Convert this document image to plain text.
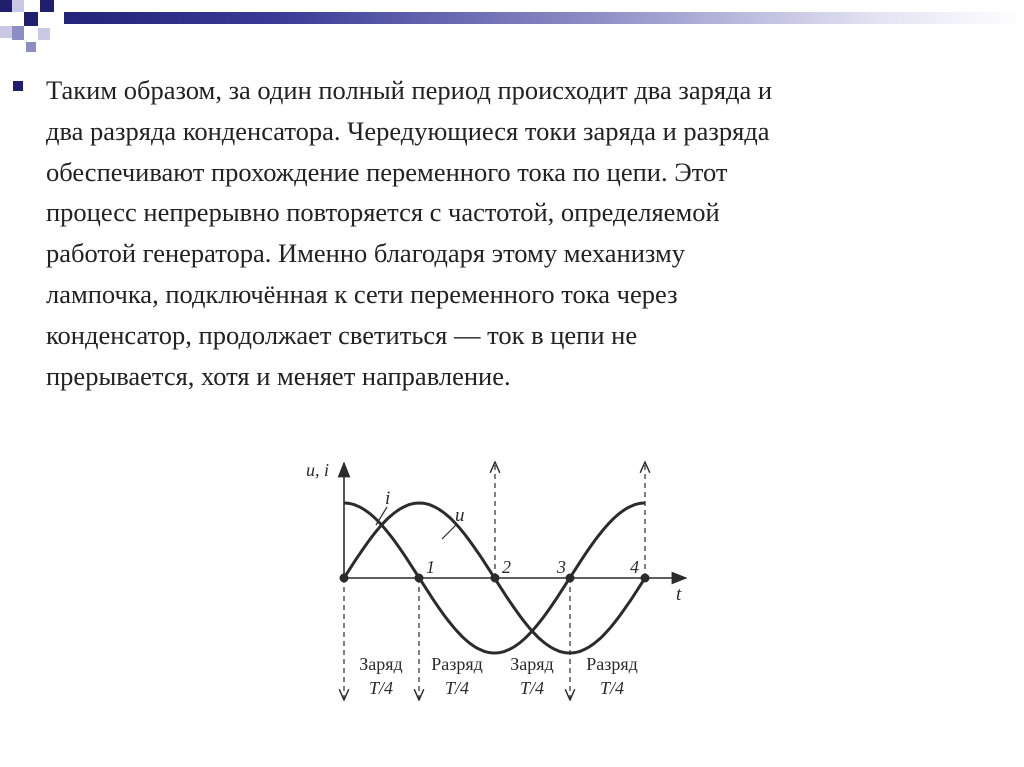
Таким образом, за один полный период происходит два заряда и
два разряда конденсатора. Чередующиеся токи заряда и разряда
обеспечивают прохождение переменного тока по цепи. Этот
процесс непрерывно повторяется с частотой, определяемой
работой генератора. Именно благодаря этому механизму
лампочка, подключённая к сети переменного тока через
конденсатор, продолжает светиться — ток в цепи не
прерывается, хотя и меняет направление.

u, i
t
i
u
1	2	3	4
Заряд Разряд Заряд Разряд
T/4	T/4	T/4	T/4
